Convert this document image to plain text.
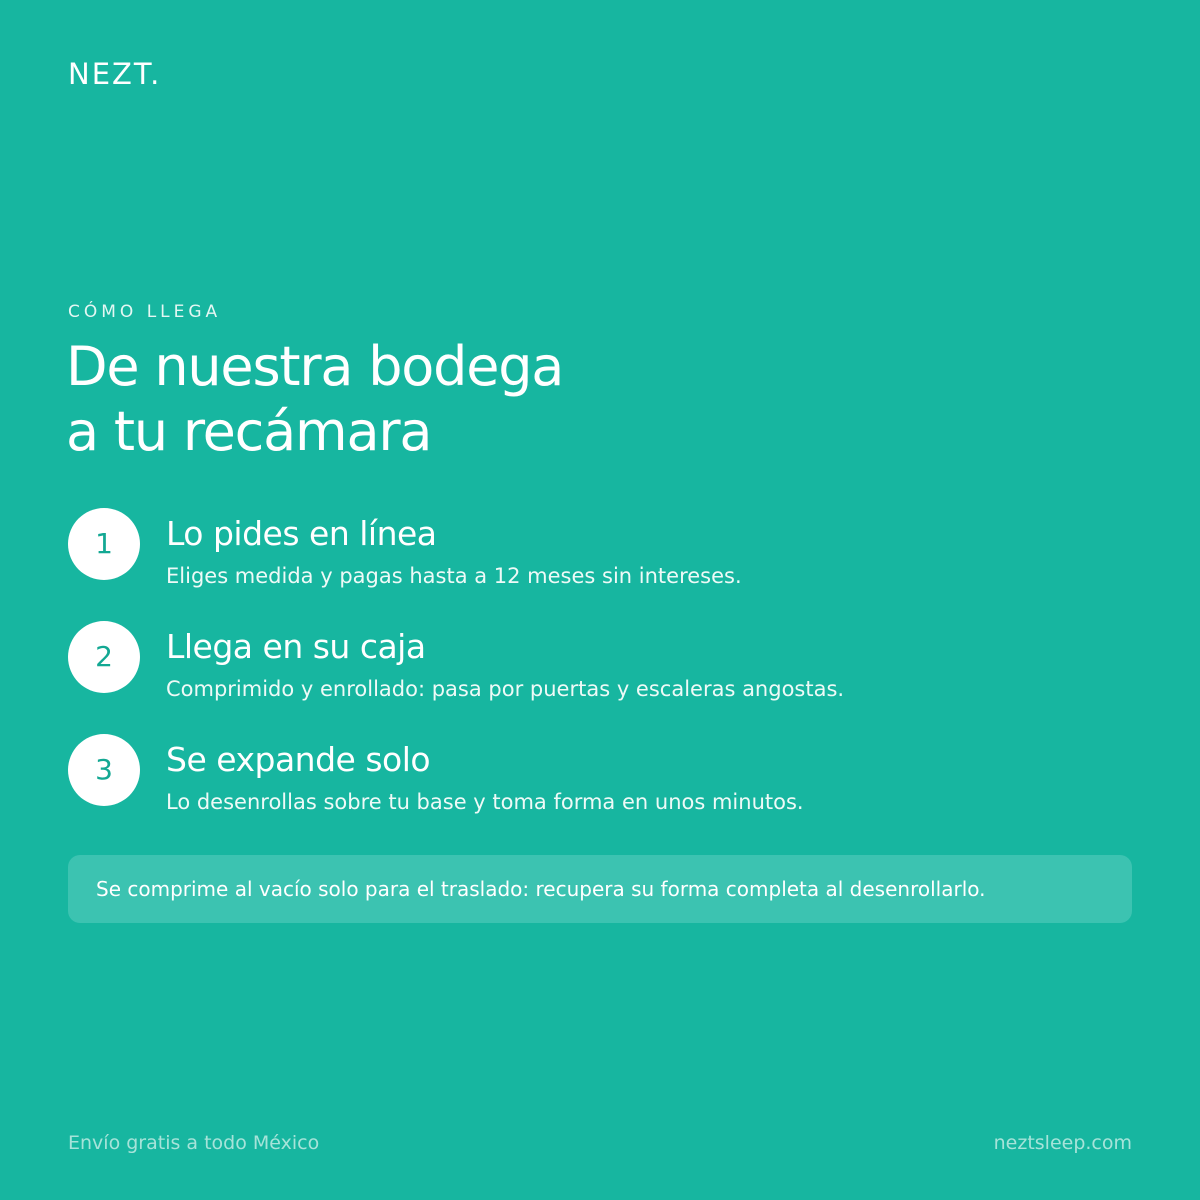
NEZT.
CÓMO LLEGA
De nuestra bodega
a tu recámara
1	Lo pides en línea
Eliges medida y pagas hasta a 12 meses sin intereses.
2	Llega en su caja
Comprimido y enrollado: pasa por puertas y escaleras angostas.
3	Se expande solo
Lo desenrollas sobre tu base y toma forma en unos minutos.
Se comprime al vacío solo para el traslado: recupera su forma completa al desenrollarlo.
Envío gratis a todo México	neztsleep.com
